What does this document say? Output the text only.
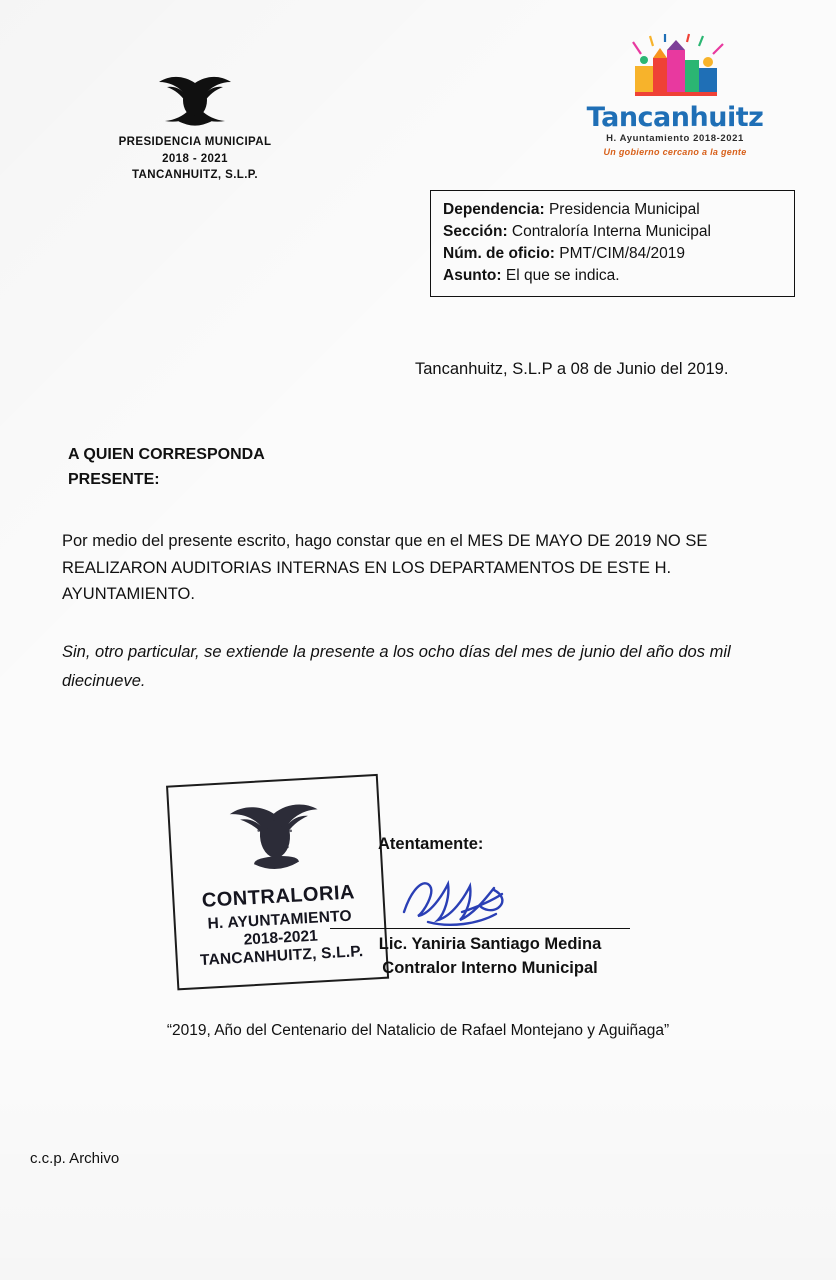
PRESIDENCIA MUNICIPAL
2018 - 2021
TANCANHUITZ, S.L.P.
Tancanhuitz
H. Ayuntamiento 2018-2021
Un gobierno cercano a la gente
Dependencia: Presidencia Municipal
Sección: Contraloría Interna Municipal
Núm. de oficio: PMT/CIM/84/2019
Asunto: El que se indica.
Tancanhuitz, S.L.P a 08 de Junio del 2019.
A QUIEN CORRESPONDA
PRESENTE:
Por medio del presente escrito, hago constar que en el MES DE MAYO DE 2019 NO SE REALIZARON AUDITORIAS INTERNAS EN LOS DEPARTAMENTOS DE ESTE H. AYUNTAMIENTO.
Sin, otro particular, se extiende la presente a los ocho días del mes de junio del año dos mil diecinueve.
CONTRALORIA
H. AYUNTAMIENTO
2018-2021
TANCANHUITZ, S.L.P.
Atentamente:
Lic. Yaniria Santiago Medina
Contralor Interno Municipal
“2019, Año del Centenario del Natalicio de Rafael Montejano y Aguiñaga”
c.c.p. Archivo
